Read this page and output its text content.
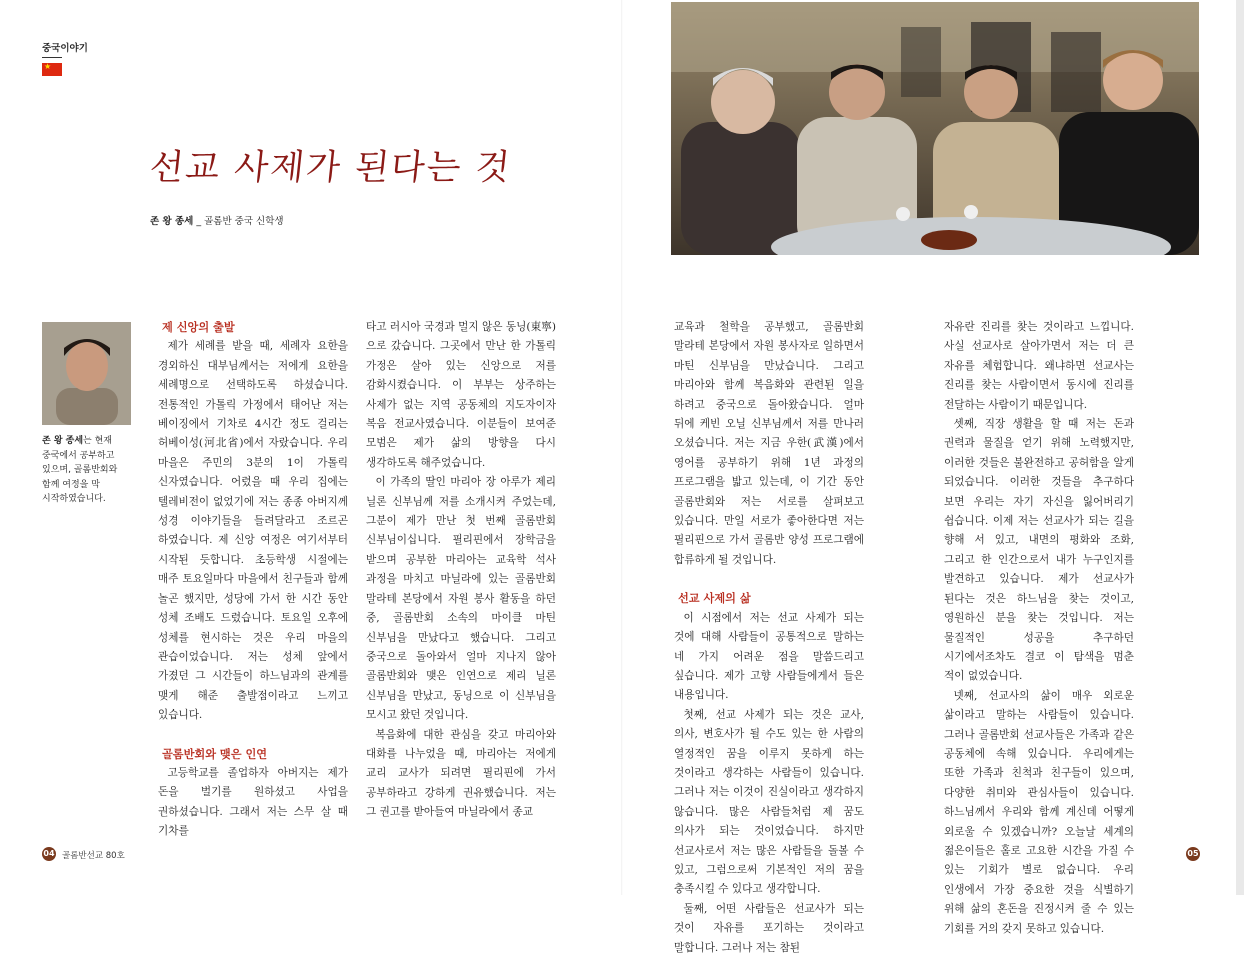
중국이야기
★
선교 사제가 된다는 것
존 왕 종세 _ 골롬반 중국 신학생
존 왕 종세는 현재 중국에서 공부하고 있으며, 골롬반회와 함께 여정을 막 시작하였습니다.
제 신앙의 출발

제가 세례를 받을 때, 세례자 요한을 경외하신 대부님께서는 저에게 요한을 세례명으로 선택하도록 하셨습니다. 전통적인 가톨릭 가정에서 태어난 저는 베이징에서 기차로 4시간 정도 걸리는 허베이성(河北省)에서 자랐습니다. 우리 마을은 주민의 3분의 1이 가톨릭 신자였습니다. 어렸을 때 우리 집에는 텔레비전이 없었기에 저는 종종 아버지께 성경 이야기들을 들려달라고 조르곤 하였습니다. 제 신앙 여정은 여기서부터 시작된 듯합니다. 초등학생 시절에는 매주 토요일마다 마을에서 친구들과 함께 놀곤 했지만, 성당에 가서 한 시간 동안 성체 조배도 드렸습니다. 토요일 오후에 성체를 현시하는 것은 우리 마을의 관습이었습니다. 저는 성체 앞에서 가졌던 그 시간들이 하느님과의 관계를 맺게 해준 출발점이라고 느끼고 있습니다.

골롬반회와 맺은 인연

고등학교를 졸업하자 아버지는 제가 돈을 벌기를 원하셨고 사업을 권하셨습니다. 그래서 저는 스무 살 때 기차를

타고 러시아 국경과 멀지 않은 동닝(東寧)으로 갔습니다. 그곳에서 만난 한 가톨릭 가정은 살아 있는 신앙으로 저를 감화시켰습니다. 이 부부는 상주하는 사제가 없는 지역 공동체의 지도자이자 복음 전교사였습니다. 이분들이 보여준 모범은 제가 삶의 방향을 다시 생각하도록 해주었습니다.

이 가족의 딸인 마리아 장 아루가 제리 닐론 신부님께 저를 소개시켜 주었는데, 그분이 제가 만난 첫 번째 골롬반회 신부님이십니다. 필리핀에서 장학금을 받으며 공부한 마리아는 교육학 석사 과정을 마치고 마닐라에 있는 골롬반회 말라테 본당에서 자원 봉사 활동을 하던 중, 골롬반회 소속의 마이클 마틴 신부님을 만났다고 했습니다. 그리고 중국으로 돌아와서 얼마 지나지 않아 골롬반회와 맺은 인연으로 제리 닐론 신부님을 만났고, 동닝으로 이 신부님을 모시고 왔던 것입니다.

복음화에 대한 관심을 갖고 마리아와 대화를 나누었을 때, 마리아는 저에게 교리 교사가 되려면 필리핀에 가서 공부하라고 강하게 권유했습니다. 저는 그 권고를 받아들여 마닐라에서 종교

교육과 철학을 공부했고, 골롬반회 말라테 본당에서 자원 봉사자로 일하면서 마틴 신부님을 만났습니다. 그리고 마리아와 함께 복음화와 관련된 일을 하려고 중국으로 돌아왔습니다. 얼마 뒤에 케빈 오닐 신부님께서 저를 만나러 오셨습니다. 저는 지금 우한(武漢)에서 영어를 공부하기 위해 1년 과정의 프로그램을 밟고 있는데, 이 기간 동안 골롬반회와 저는 서로를 살펴보고 있습니다. 만일 서로가 좋아한다면 저는 필리핀으로 가서 골롬반 양성 프로그램에 합류하게 될 것입니다.

선교 사제의 삶

이 시점에서 저는 선교 사제가 되는 것에 대해 사람들이 공통적으로 말하는 네 가지 어려운 점을 말씀드리고 싶습니다. 제가 고향 사람들에게서 들은 내용입니다.

첫째, 선교 사제가 되는 것은 교사, 의사, 변호사가 될 수도 있는 한 사람의 열정적인 꿈을 이루지 못하게 하는 것이라고 생각하는 사람들이 있습니다. 그러나 저는 이것이 진실이라고 생각하지 않습니다. 많은 사람들처럼 제 꿈도 의사가 되는 것이었습니다. 하지만 선교사로서 저는 많은 사람들을 돌볼 수 있고, 그럼으로써 기본적인 저의 꿈을 충족시킬 수 있다고 생각합니다.

둘째, 어떤 사람들은 선교사가 되는 것이 자유를 포기하는 것이라고 말합니다. 그러나 저는 참된

자유란 진리를 찾는 것이라고 느낍니다. 사실 선교사로 살아가면서 저는 더 큰 자유를 체험합니다. 왜냐하면 선교사는 진리를 찾는 사람이면서 동시에 진리를 전달하는 사람이기 때문입니다.

셋째, 직장 생활을 할 때 저는 돈과 권력과 물질을 얻기 위해 노력했지만, 이러한 것들은 불완전하고 공허함을 알게 되었습니다. 이러한 것들을 추구하다 보면 우리는 자기 자신을 잃어버리기 쉽습니다. 이제 저는 선교사가 되는 길을 향해 서 있고, 내면의 평화와 조화, 그리고 한 인간으로서 내가 누구인지를 발견하고 있습니다. 제가 선교사가 된다는 것은 하느님을 찾는 것이고, 영원하신 분을 찾는 것입니다. 저는 물질적인 성공을 추구하던 시기에서조차도 결코 이 탐색을 멈춘 적이 없었습니다.

넷째, 선교사의 삶이 매우 외로운 삶이라고 말하는 사람들이 있습니다. 그러나 골롬반회 선교사들은 가족과 같은 공동체에 속해 있습니다. 우리에게는 또한 가족과 친척과 친구들이 있으며, 다양한 취미와 관심사들이 있습니다. 하느님께서 우리와 함께 계신데 어떻게 외로울 수 있겠습니까? 오늘날 세계의 젊은이들은 홀로 고요한 시간을 가질 수 있는 기회가 별로 없습니다. 우리 인생에서 가장 중요한 것을 식별하기 위해 삶의 혼돈을 진정시켜 줄 수 있는 기회를 거의 갖지 못하고 있습니다.

04 골롬반선교 80호	05
